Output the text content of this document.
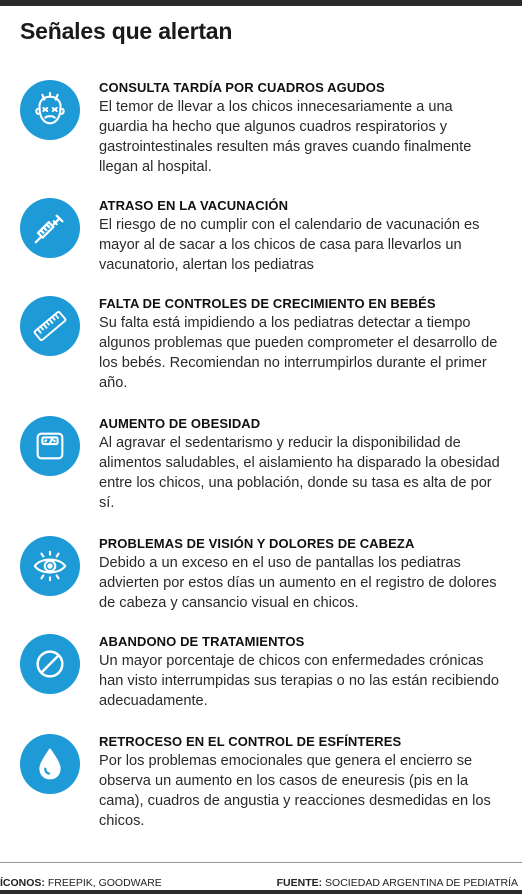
Señales que alertan
CONSULTA TARDÍA POR CUADROS AGUDOS
El temor de llevar a los chicos innecesariamente a una guardia ha hecho que algunos cuadros respiratorios y gastrointestinales resulten más graves cuando finalmente llegan al hospital.
ATRASO EN LA VACUNACIÓN
El riesgo de no cumplir con el calendario de vacunación es mayor al de sacar a los chicos de casa para llevarlos un vacunatorio, alertan los pediatras
FALTA DE CONTROLES DE CRECIMIENTO EN BEBÉS
Su falta está impidiendo a los pediatras detectar a tiempo algunos problemas que pueden comprometer el desarrollo de los bebés. Recomiendan no interrumpirlos durante el primer año.
AUMENTO DE OBESIDAD
Al agravar el sedentarismo y reducir la disponibilidad de alimentos saludables, el aislamiento ha disparado la obesidad entre los chicos, una población, donde su tasa es alta de por sí.
PROBLEMAS DE VISIÓN Y DOLORES DE CABEZA
Debido a un exceso en el uso de pantallas los pediatras advierten por estos días un aumento en el registro de dolores de cabeza y cansancio visual en chicos.
ABANDONO DE TRATAMIENTOS
Un mayor porcentaje de chicos con enfermedades crónicas han visto interrumpidas sus terapias o no las están recibiendo adecuadamente.
RETROCESO EN EL CONTROL DE ESFÍNTERES
Por los problemas emocionales que genera el encierro se observa un aumento en los casos de eneuresis (pis en la cama), cuadros de angustia y reacciones desmedidas en los chicos.
ÍCONOS: FREEPIK, GOODWARE	FUENTE: SOCIEDAD ARGENTINA DE PEDIATRÍA
